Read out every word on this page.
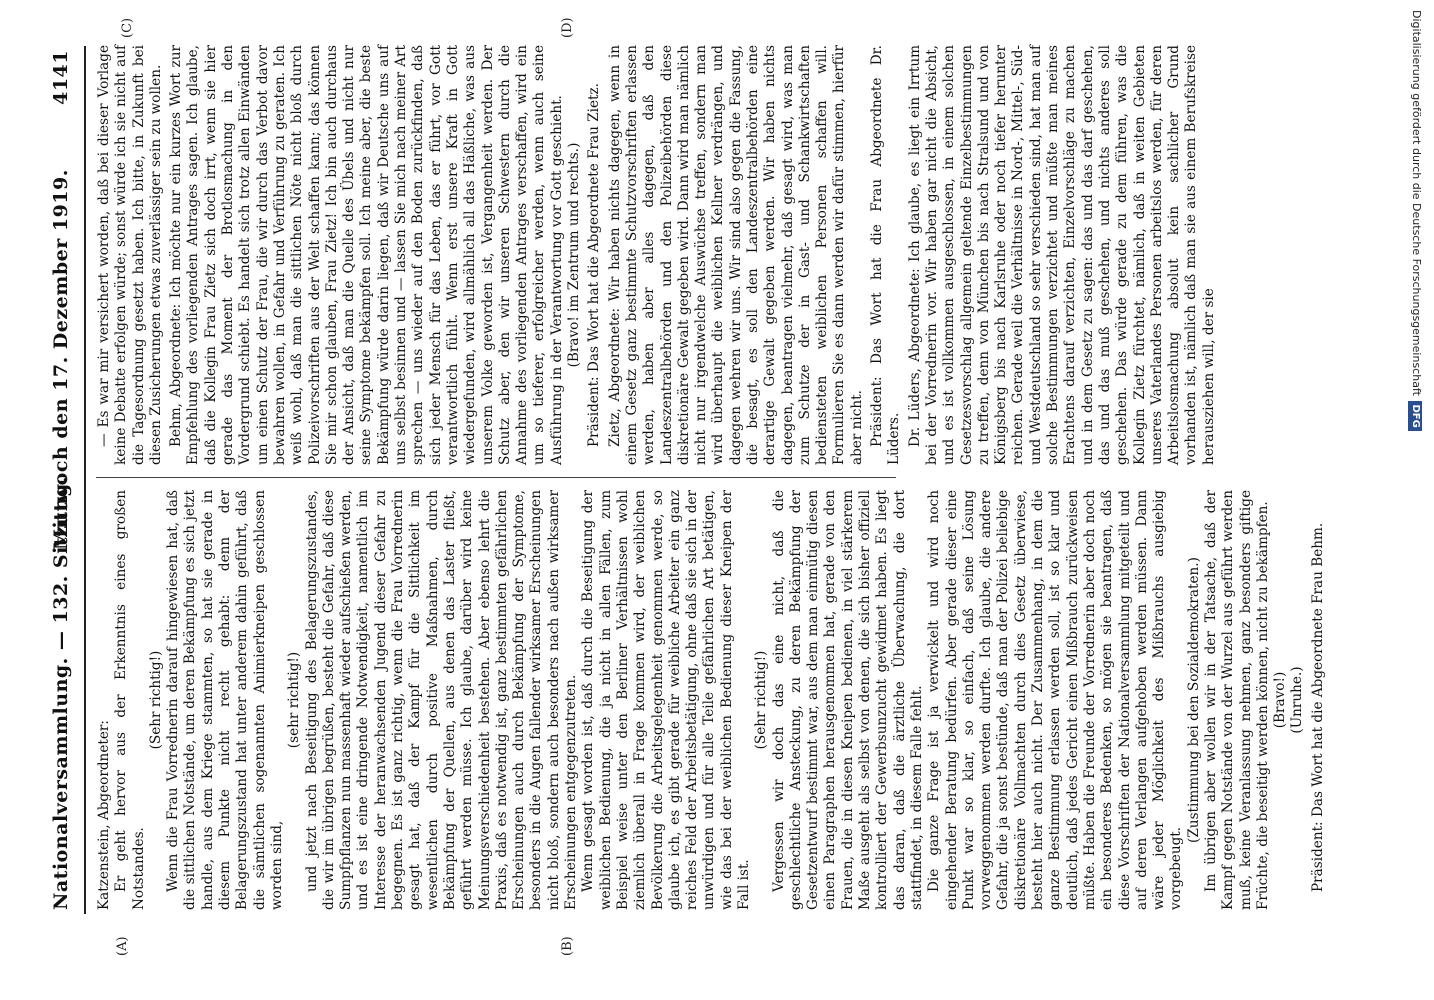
Nationalversammlung. — 132. Sitzung.
Mittwoch den 17. Dezember 1919.
4141
(A)	(B)
(C)	(D)

Katzenstein, Abgeordneter: Er geht hervor aus der Erkenntnis eines großen Notstandes.

(Sehr richtig!) Wenn die Frau Vorrednerin darauf hingewiesen hat, daß die sittlichen Notstände, um deren Bekämpfung es sich jetzt handle, aus dem Kriege stammten, so hat sie gerade in diesem Punkte nicht recht gehabt: denn der Belagerungszustand hat unter anderem dahin geführt, daß die sämtlichen sogenannten Animierkneipen geschlossen worden sind,

(sehr richtig!) und jetzt nach Beseitigung des Belagerungszustandes, die wir im übrigen begrüßen, besteht die Gefahr, daß diese Sumpfpflanzen nun massenhaft wieder aufschießen werden, und es ist eine dringende Notwendigkeit, namentlich im Interesse der heranwachsenden Jugend dieser Gefahr zu begegnen. Es ist ganz richtig, wenn die Frau Vorrednerin gesagt hat, daß der Kampf für die Sittlichkeit im wesentlichen durch positive Maßnahmen, durch Bekämpfung der Quellen, aus denen das Laster fließt, geführt werden müsse. Ich glaube, darüber wird keine Meinungsverschiedenheit bestehen. Aber ebenso lehrt die Praxis, daß es notwendig ist, ganz bestimmten gefährlichen Erscheinungen auch durch Bekämpfung der Symptome, besonders in die Augen fallender wirksamer Erscheinungen nicht bloß, sondern auch besonders nach außen wirksamer Erscheinungen entgegenzutreten. Wenn gesagt worden ist, daß durch die Beseitigung der weiblichen Bedienung, die ja nicht in allen Fällen, zum Beispiel weise unter den Berliner Verhältnissen wohl ziemlich überall in Frage kommen wird, der weiblichen Bevölkerung die Arbeitsgelegenheit genommen werde, so glaube ich, es gibt gerade für weibliche Arbeiter ein ganz reiches Feld der Arbeitsbetätigung, ohne daß sie sich in der unwürdigen und für alle Teile gefährlichen Art betätigen, wie das bei der weiblichen Bedienung dieser Kneipen der Fall ist.

(Sehr richtig!) Vergessen wir doch das eine nicht, daß die geschlechtliche Ansteckung, zu deren Bekämpfung der Gesetzentwurf bestimmt war, aus dem man einmütig diesen einen Paragraphen herausgenommen hat, gerade von den Frauen, die in diesen Kneipen bedienen, in viel stärkerem Maße ausgeht als selbst von denen, die sich bisher offiziell kontrolliert der Gewerbsunzucht gewidmet haben. Es liegt das daran, daß die ärztliche Überwachung, die dort stattfindet, in diesem Falle fehlt. Die ganze Frage ist ja verwickelt und wird noch eingehender Beratung bedürfen. Aber gerade dieser eine Punkt war so klar, so einfach, daß seine Lösung vorweggenommen werden durfte. Ich glaube, die andere Gefahr, die ja sonst bestünde, daß man der Polizei beliebige diskretionäre Vollmachten durch dies Gesetz überwiese, besteht hier auch nicht. Der Zusammenhang, in dem die ganze Bestimmung erlassen werden soll, ist so klar und deutlich, daß jedes Gericht einen Mißbrauch zurückweisen müßte. Haben die Freunde der Vorrednerin aber doch noch ein besonderes Bedenken, so mögen sie beantragen, daß diese Vorschriften der Nationalversammlung mitgeteilt und auf deren Verlangen aufgehoben werden müssen. Dann wäre jeder Möglichkeit des Mißbrauchs ausgiebig vorgebeugt.

(Zustimmung bei den Sozialdemokraten.) Im übrigen aber wollen wir in der Tatsache, daß der Kampf gegen Notstände von der Wurzel aus geführt werden muß, keine Veranlassung nehmen, ganz besonders giftige Früchte, die beseitigt werden können, nicht zu bekämpfen. (Bravo!) (Unruhe.) Präsident: Das Wort hat die Abgeordnete Frau Behm.

— Es war mir versichert worden, daß bei dieser Vorlage keine Debatte erfolgen würde; sonst würde ich sie nicht auf die Tagesordnung gesetzt haben. Ich bitte, in Zukunft bei diesen Zusicherungen etwas zuverlässiger sein zu wollen. Behm, Abgeordnete: Ich möchte nur ein kurzes Wort zur Empfehlung des vorliegenden Antrages sagen. Ich glaube, daß die Kollegin Frau Zietz sich doch irrt, wenn sie hier gerade das Moment der Brotlosmachung in den Vordergrund schiebt. Es handelt sich trotz allen Einwänden um einen Schutz der Frau, die wir durch das Verbot davor bewahren wollen, in Gefahr und Verführung zu geraten. Ich weiß wohl, daß man die sittlichen Nöte nicht bloß durch Polizeivorschriften aus der Welt schaffen kann; das können Sie mir schon glauben, Frau Zietz! Ich bin auch durchaus der Ansicht, daß man die Quelle des Übels und nicht nur seine Symptome bekämpfen soll. Ich meine aber, die beste Bekämpfung würde darin liegen, daß wir Deutsche uns auf uns selbst besinnen und — lassen Sie mich nach meiner Art sprechen — uns wieder auf den Boden zurückfinden, daß sich jeder Mensch für das Leben, das er führt, vor Gott verantwortlich fühlt. Wenn erst unsere Kraft in Gott wiedergefunden, wird allmählich all das Häßliche, was aus unserem Volke geworden ist, Vergangenheit werden. Der Schutz aber, den wir unseren Schwestern durch die Annahme des vorliegenden Antrages verschaffen, wird ein um so tieferer, erfolgreicher werden, wenn auch seine Ausführung in der Verantwortung vor Gott geschieht. (Bravo! im Zentrum und rechts.) Präsident: Das Wort hat die Abgeordnete Frau Zietz. Zietz, Abgeordnete: Wir haben nichts dagegen, wenn in einem Gesetz ganz bestimmte Schutzvorschriften erlassen werden, haben aber alles dagegen, daß den Landeszentralbehörden und den Polizeibehörden diese diskretionäre Gewalt gegeben wird. Dann wird man nämlich nicht nur irgendwelche Auswüchse treffen, sondern man wird überhaupt die weiblichen Kellner verdrängen, und dagegen wehren wir uns. Wir sind also gegen die Fassung, die besagt, es soll den Landeszentralbehörden eine derartige Gewalt gegeben werden. Wir haben nichts dagegen, beantragen vielmehr, daß gesagt wird, was man zum Schutze der in Gast- und Schankwirtschaften bediensteten weiblichen Personen schaffen will. Formulieren Sie es dann werden wir dafür stimmen, hierfür aber nicht. Präsident: Das Wort hat die Frau Abgeordnete Dr. Lüders. Dr. Lüders, Abgeordnete: Ich glaube, es liegt ein Irrtum bei der Vorrednerin vor. Wir haben gar nicht die Absicht, und es ist vollkommen ausgeschlossen, in einem solchen Gesetzesvorschlag allgemein geltende Einzelbestimmungen zu treffen, denn von München bis nach Stralsund und von Königsberg bis nach Karlsruhe oder noch tiefer herunter reichen. Gerade weil die Verhältnisse in Nord-, Mittel-, Süd- und Westdeutschland so sehr verschieden sind, hat man auf solche Bestimmungen verzichtet und müßte man meines Erachtens darauf verzichten, Einzelvorschläge zu machen und in dem Gesetz zu sagen: das und das darf geschehen, das und das muß geschehen, und nichts anderes soll geschehen. Das würde gerade zu dem führen, was die Kollegin Zietz fürchtet, nämlich, daß in weiten Gebieten unseres Vaterlandes Personen arbeitslos werden, für deren Arbeitslosmachung absolut kein sachlicher Grund vorhanden ist, nämlich daß man sie aus einem Berufskreise herausziehen will, der sie	Digitalisierung gefördert durch die Deutsche Forschungsgemeinschaft DFG
